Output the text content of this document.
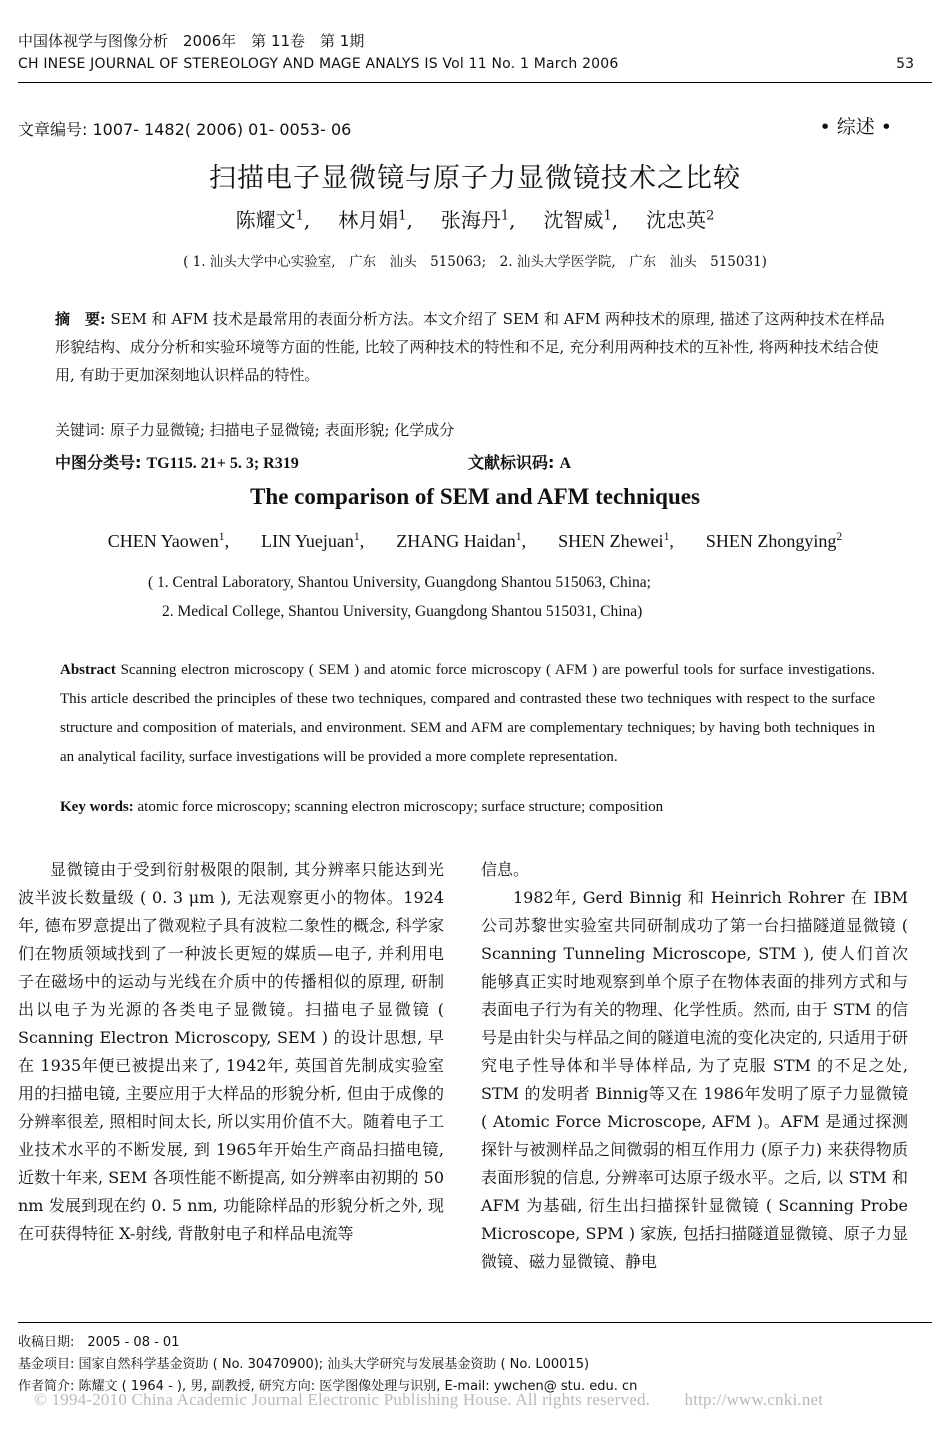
中国体视学与图像分析　2006年　第 11卷　第 1期
CH INESE JOURNAL OF STEREOLOGY AND MAGE ANALYS IS Vol 11 No. 1 March 2006	53
文章编号: 1007- 1482( 2006) 01- 0053- 06	• 综述 •
扫描电子显微镜与原子力显微镜技术之比较
陈耀文$^1$, 林月娟$^1$, 张海丹$^1$, 沈智威$^1$, 沈忠英$^2$
( 1. 汕头大学中心实验室,　广东　汕头　515063;　2. 汕头大学医学院,　广东　汕头　515031)
摘　要: SEM 和 AFM 技术是最常用的表面分析方法。本文介绍了 SEM 和 AFM 两种技术的原理, 描述了这两种技术在样品形貌结构、成分分析和实验环境等方面的性能, 比较了两种技术的特性和不足, 充分利用两种技术的互补性, 将两种技术结合使用, 有助于更加深刻地认识样品的特性。
关键词: 原子力显微镜; 扫描电子显微镜; 表面形貌; 化学成分
中图分类号: TG115. 21+ 5. 3; R319	文献标识码: A
The comparison of SEM and AFM techniques
CHEN Yaowen$^1$, LIN Yuejuan$^1$, ZHANG Haidan$^1$, SHEN Zhewei$^1$, SHEN Zhongying$^2$
( 1. Central Laboratory, Shantou University, Guangdong Shantou 515063, China;
2. Medical College, Shantou University, Guangdong Shantou 515031, China)
Abstract Scanning electron microscopy ( SEM ) and atomic force microscopy ( AFM ) are powerful tools for surface investigations. This article described the principles of these two techniques, compared and contrasted these two techniques with respect to the surface structure and composition of materials, and environment. SEM and AFM are complementary techniques; by having both techniques in an analytical facility, surface investigations will be provided a more complete representation.
Key words: atomic force microscopy; scanning electron microscopy; surface structure; composition

显微镜由于受到衍射极限的限制, 其分辨率只能达到光波半波长数量级 ( 0. 3 μm ), 无法观察更小的物体。1924年, 德布罗意提出了微观粒子具有波粒二象性的概念, 科学家们在物质领域找到了一种波长更短的媒质—电子, 并利用电子在磁场中的运动与光线在介质中的传播相似的原理, 研制出以电子为光源的各类电子显微镜。扫描电子显微镜 ( Scanning Electron Microscopy, SEM ) 的设计思想, 早在 1935年便已被提出来了, 1942年, 英国首先制成实验室用的扫描电镜, 主要应用于大样品的形貌分析, 但由于成像的分辨率很差, 照相时间太长, 所以实用价值不大。随着电子工业技术水平的不断发展, 到 1965年开始生产商品扫描电镜, 近数十年来, SEM 各项性能不断提高, 如分辨率由初期的 50 nm 发展到现在约 0. 5 nm, 功能除样品的形貌分析之外, 现在可获得特征 X-射线, 背散射电子和样品电流等

信息。

1982年, Gerd Binnig 和 Heinrich Rohrer 在 IBM 公司苏黎世实验室共同研制成功了第一台扫描隧道显微镜 ( Scanning Tunneling Microscope, STM ), 使人们首次能够真正实时地观察到单个原子在物体表面的排列方式和与表面电子行为有关的物理、化学性质。然而, 由于 STM 的信号是由针尖与样品之间的隧道电流的变化决定的, 只适用于研究电子性导体和半导体样品, 为了克服 STM 的不足之处, STM 的发明者 Binnig等又在 1986年发明了原子力显微镜 ( Atomic Force Microscope, AFM )。AFM 是通过探测探针与被测样品之间微弱的相互作用力 (原子力) 来获得物质表面形貌的信息, 分辨率可达原子级水平。之后, 以 STM 和 AFM 为基础, 衍生出扫描探针显微镜 ( Scanning Probe Microscope, SPM ) 家族, 包括扫描隧道显微镜、原子力显微镜、磁力显微镜、静电

收稿日期:　2005 - 08 - 01
基金项目: 国家自然科学基金资助 ( No. 30470900); 汕头大学研究与发展基金资助 ( No. L00015)
作者简介: 陈耀文 ( 1964 - ), 男, 副教授, 研究方向: 医学图像处理与识别, E-mail: ywchen@ stu. edu. cn
© 1994-2010 China Academic Journal Electronic Publishing House. All rights reserved.　　http://www.cnki.net
